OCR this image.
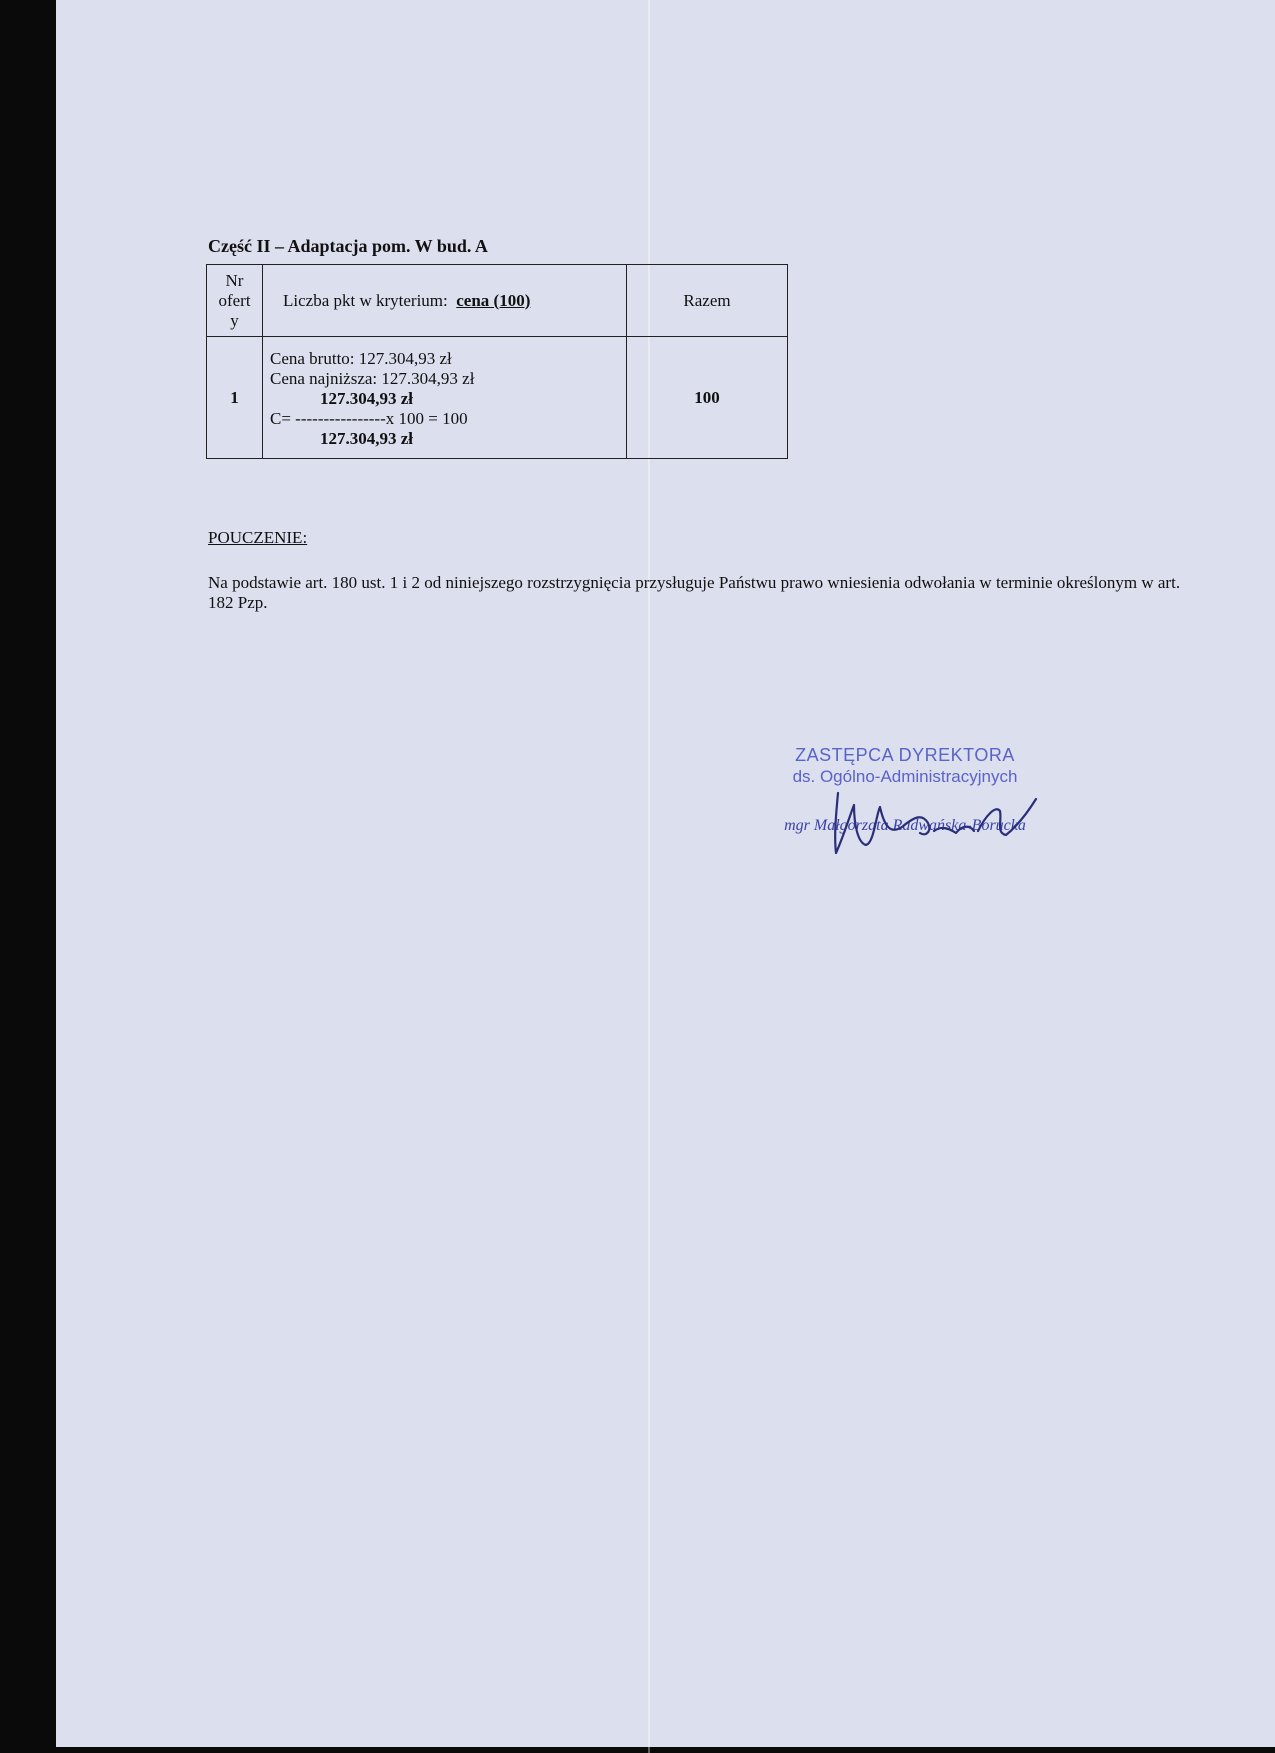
Część II – Adaptacja pom. W bud. A
Nr
ofert
y	Liczba pkt w kryterium: cena (100)	Razem
1	Cena brutto: 127.304,93 zł
Cena najniższa: 127.304,93 zł
127.304,93 zł
C= ----------------x 100 = 100
127.304,93 zł	100
POUCZENIE:
Na podstawie art. 180 ust. 1 i 2 od niniejszego rozstrzygnięcia przysługuje Państwu prawo wniesienia odwołania w terminie określonym w art. 182 Pzp.
ZASTĘPCA DYREKTORA
ds. Ogólno-Administracyjnych
mgr Małgorzata Radwańska-Borucka
